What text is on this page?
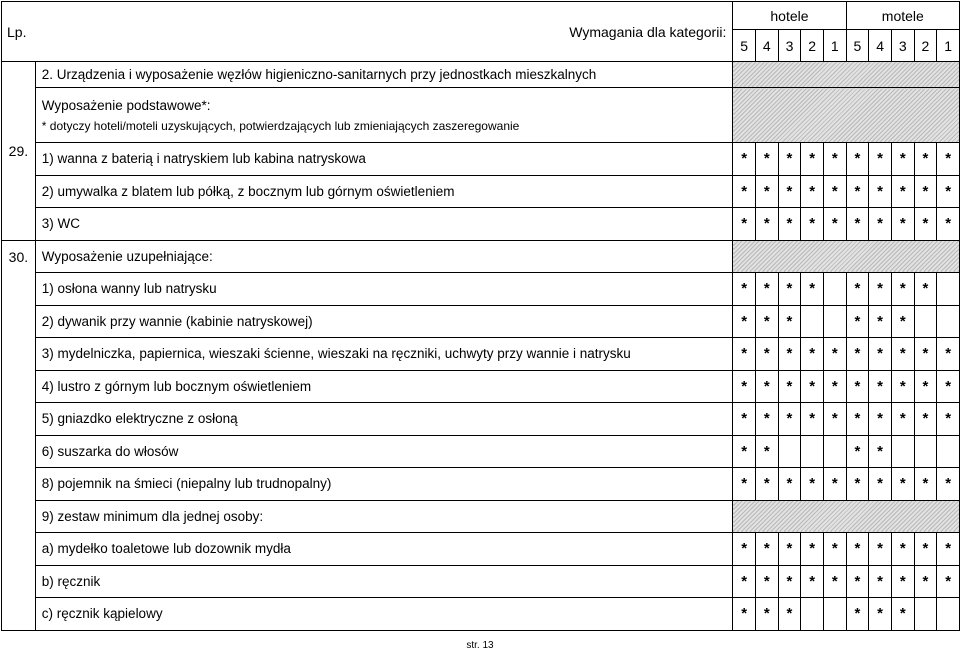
Lp.	Wymagania dla kategorii:	hotele					motele				
		5	4	3	2	1	5	4	3	2	1
29.	2. Urządzenia i wyposażenie węzłów higieniczno-sanitarnych przy jednostkach mieszkalnych										
	Wyposażenie podstawowe*:
* dotyczy hoteli/moteli uzyskujących, potwierdzających lub zmieniających zaszeregowanie										

	1) wanna z baterią i natryskiem lub kabina natryskowa	*	*	*	*	*	*	*	*	*	*
	2) umywalka z blatem lub półką, z bocznym lub górnym oświetleniem	*	*	*	*	*	*	*	*	*	*
	3) WC	*	*	*	*	*	*	*	*	*	*
30.	Wyposażenie uzupełniające:										
	1) osłona wanny lub natrysku	*	*	*	*		*	*	*	*	
	2) dywanik przy wannie (kabinie natryskowej)	*	*	*			*	*	*		
	3) mydelniczka, papiernica, wieszaki ścienne, wieszaki na ręczniki, uchwyty przy wannie i natrysku	*	*	*	*	*	*	*	*	*	*
	4) lustro z górnym lub bocznym oświetleniem	*	*	*	*	*	*	*	*	*	*
	5) gniazdko elektryczne z osłoną	*	*	*	*	*	*	*	*	*	*
	6) suszarka do włosów	*	*				*	*			
	8) pojemnik na śmieci (niepalny lub trudnopalny)	*	*	*	*	*	*	*	*	*	*
	9) zestaw minimum dla jednej osoby:										
	a) mydełko toaletowe lub dozownik mydła	*	*	*	*	*	*	*	*	*	*
	b) ręcznik	*	*	*	*	*	*	*	*	*	*
	c) ręcznik kąpielowy	*	*	*			*	*	*		
str. 13
